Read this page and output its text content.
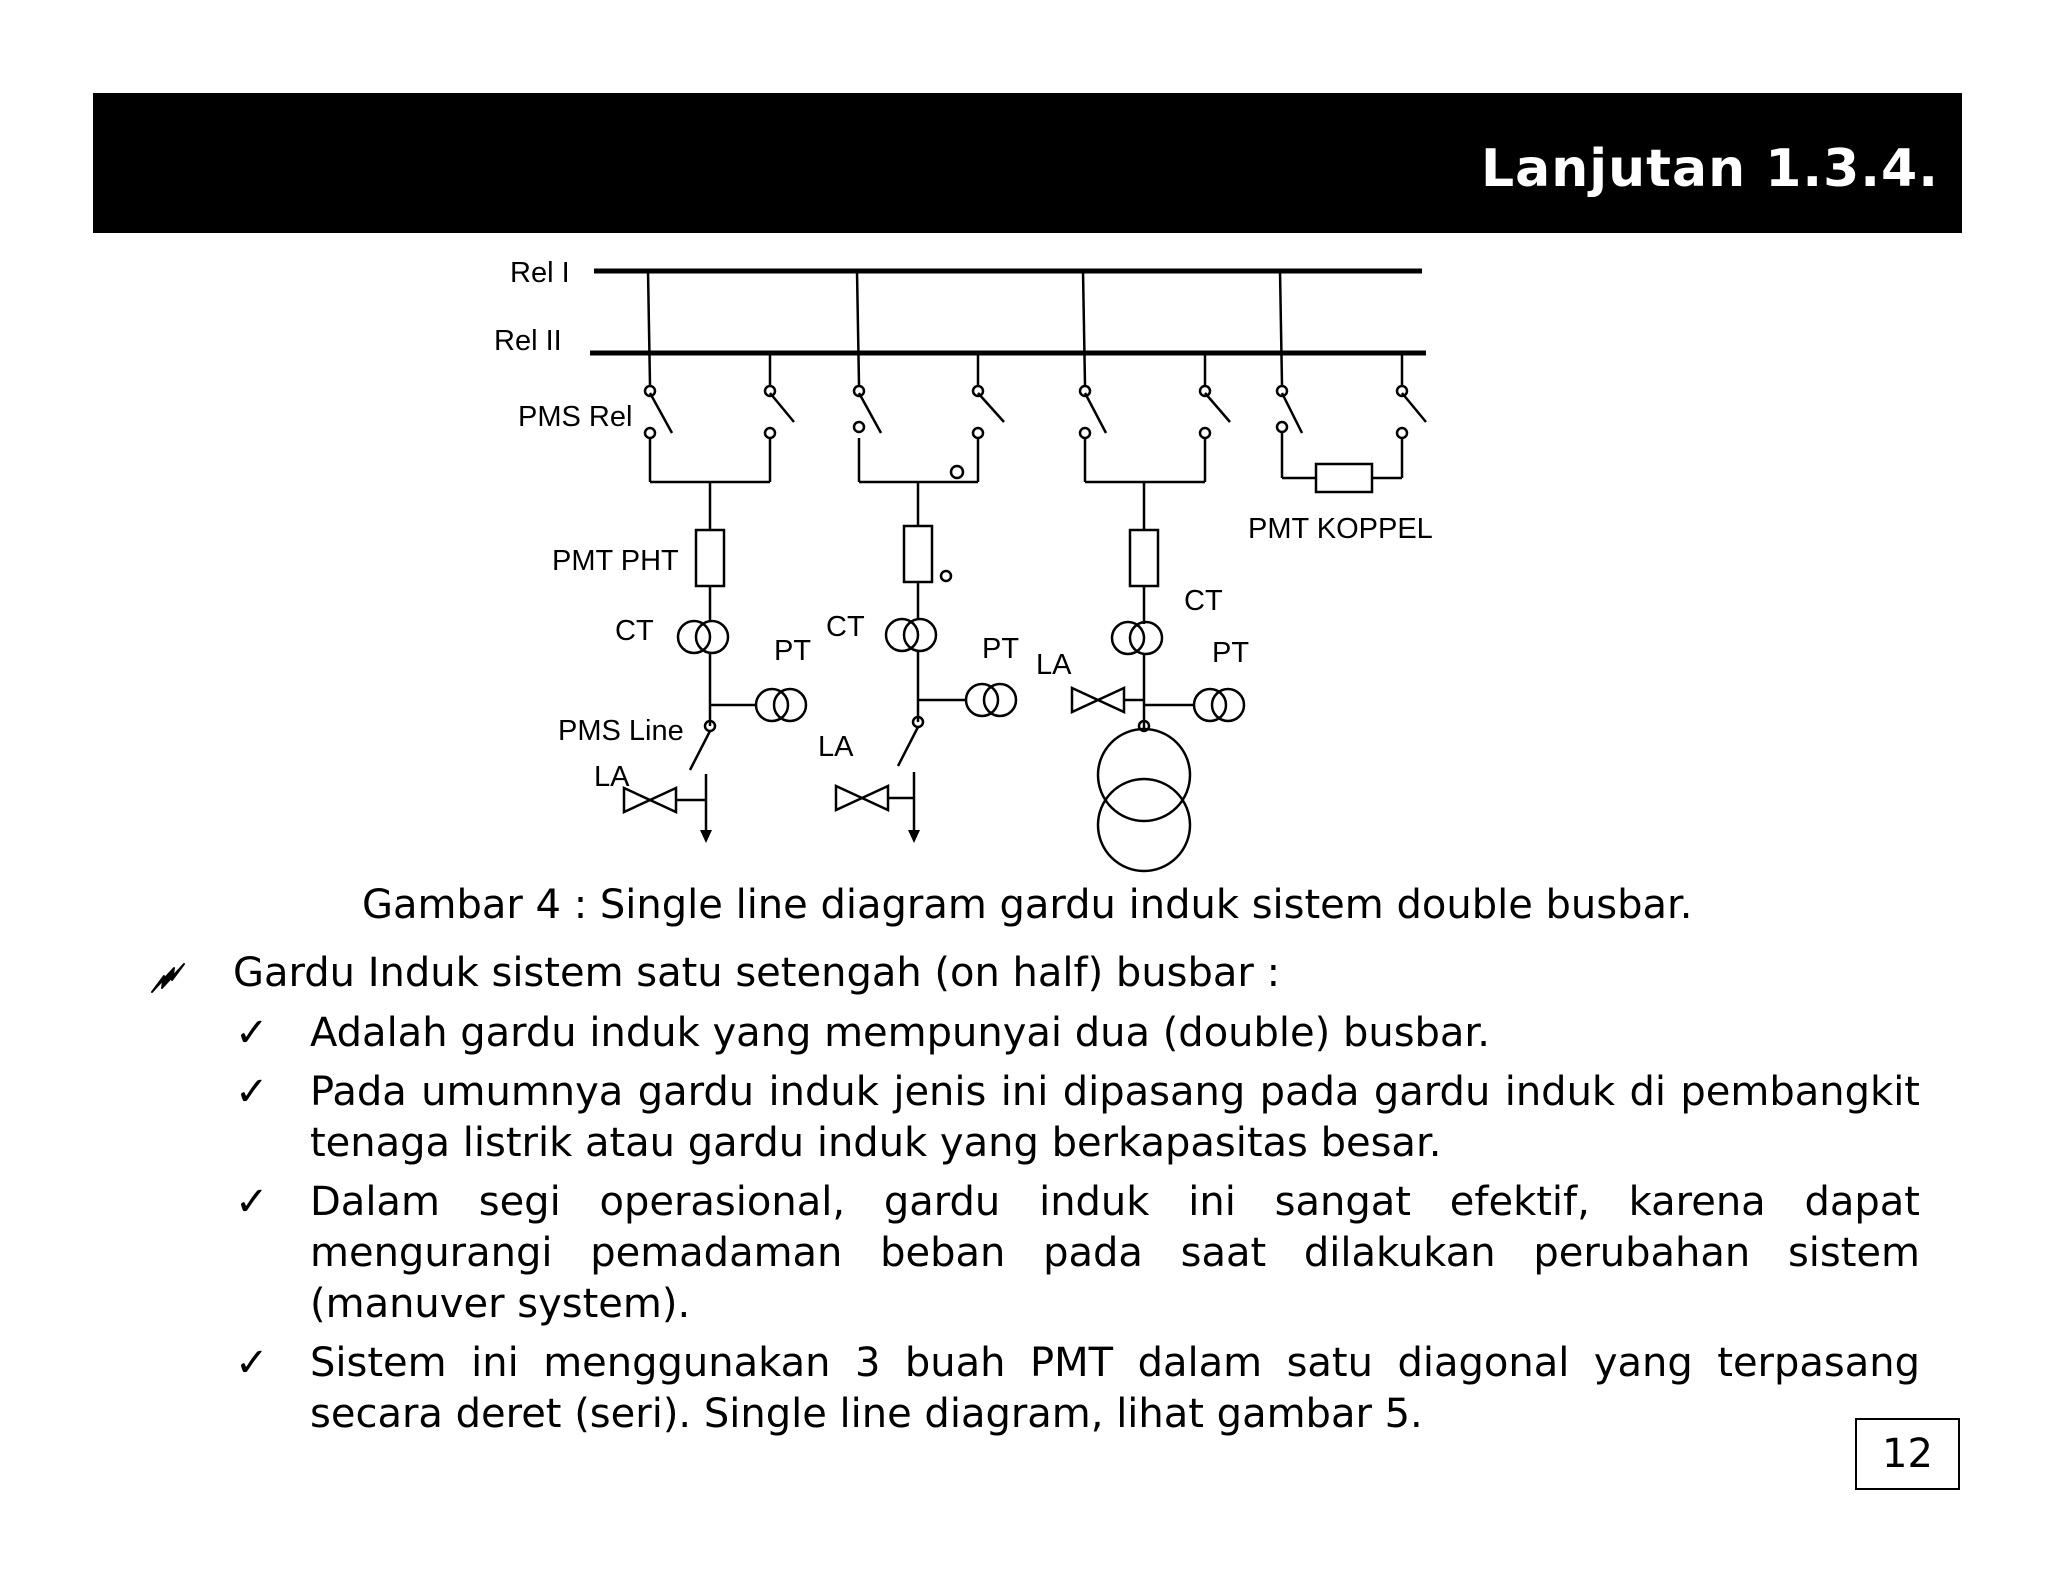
Lanjutan 1.3.4.
Rel I
Rel II
PMS Rel
PMT PHT
CT
PT
PMS Line
LA
CT
PT
LA
LA
CT
PT
PMT KOPPEL
Gambar 4 : Single line diagram gardu induk sistem double busbar.
Gardu Induk sistem satu setengah (on half) busbar :
✓ Adalah gardu induk yang mempunyai dua (double) busbar.
✓ Pada umumnya gardu induk jenis ini dipasang pada gardu induk di pembangkit tenaga listrik atau gardu induk yang berkapasitas besar.
✓ Dalam segi operasional, gardu induk ini sangat efektif, karena dapat mengurangi pemadaman beban pada saat dilakukan perubahan sistem (manuver system).
✓ Sistem ini menggunakan 3 buah PMT dalam satu diagonal yang terpasang secara deret (seri). Single line diagram, lihat gambar 5.
12
